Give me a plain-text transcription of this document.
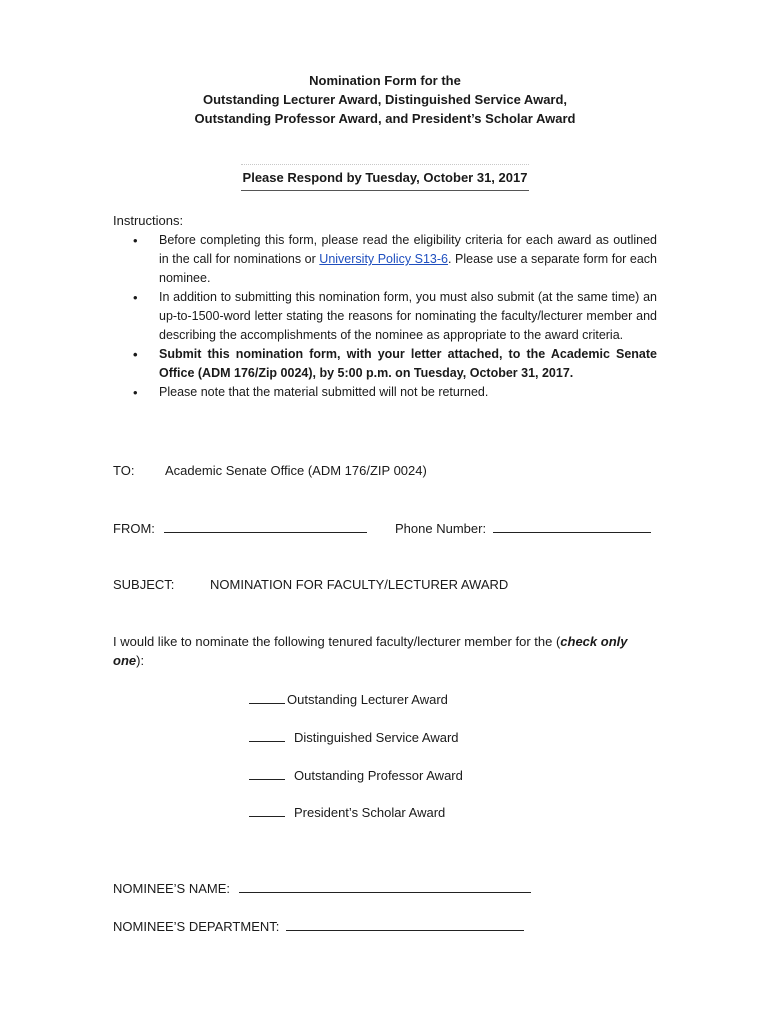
Nomination Form for the
Outstanding Lecturer Award, Distinguished Service Award,
Outstanding Professor Award, and President’s Scholar Award
Please Respond by Tuesday, October 31, 2017
Instructions:
• Before completing this form, please read the eligibility criteria for each award as outlined in the call for nominations or University Policy S13-6. Please use a separate form for each nominee.
• In addition to submitting this nomination form, you must also submit (at the same time) an up-to-1500-word letter stating the reasons for nominating the faculty/lecturer member and describing the accomplishments of the nominee as appropriate to the award criteria.
• Submit this nomination form, with your letter attached, to the Academic Senate Office (ADM 176/Zip 0024), by 5:00 p.m. on Tuesday, October 31, 2017.
• Please note that the material submitted will not be returned.
TO: Academic Senate Office (ADM 176/ZIP 0024)
FROM:	Phone Number:
SUBJECT:	NOMINATION FOR FACULTY/LECTURER AWARD
I would like to nominate the following tenured faculty/lecturer member for the (check only one):
Outstanding Lecturer Award
Distinguished Service Award
Outstanding Professor Award
President’s Scholar Award
NOMINEE’S NAME:
NOMINEE’S DEPARTMENT:
